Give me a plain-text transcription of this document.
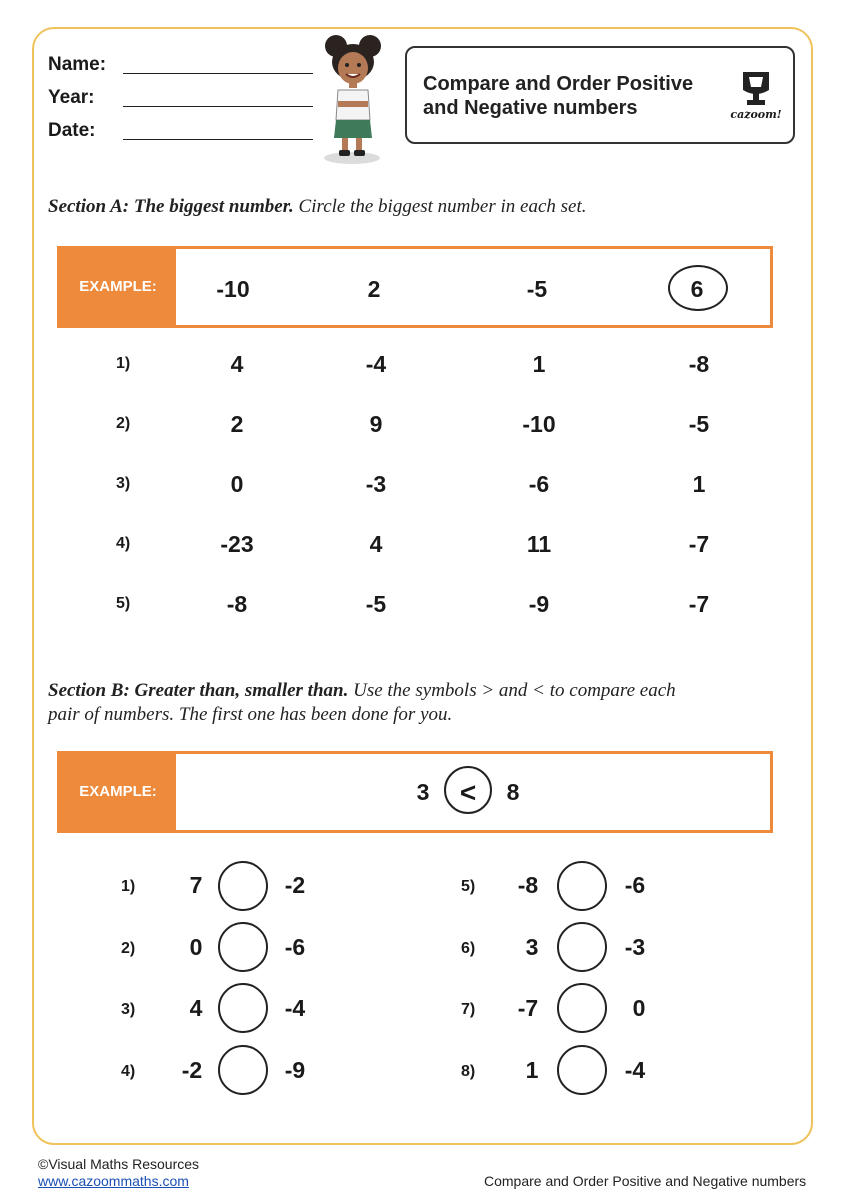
Name:
Year:
Date:
Compare and Order Positive
and Negative numbers	cazoom!
Section A: The biggest number. Circle the biggest number in each set.
EXAMPLE:	-10	2	-5	6
1)	4	-4	1	-8
2)	2	9	-10	-5
3)	0	-3	-6	1
4)	-23	4	11	-7
5)	-8	-5	-9	-7
Section B: Greater than, smaller than. Use the symbols > and < to compare each
pair of numbers. The first one has been done for you.
EXAMPLE:	3	<	8
1)	7	-2
2)	0	-6
3)	4	-4
4)	-2	-9
5)	-8	-6
6)	3	-3
7)	-7	0
8)	1	-4
©Visual Maths Resources
www.cazoommaths.com	Compare and Order Positive and Negative numbers
